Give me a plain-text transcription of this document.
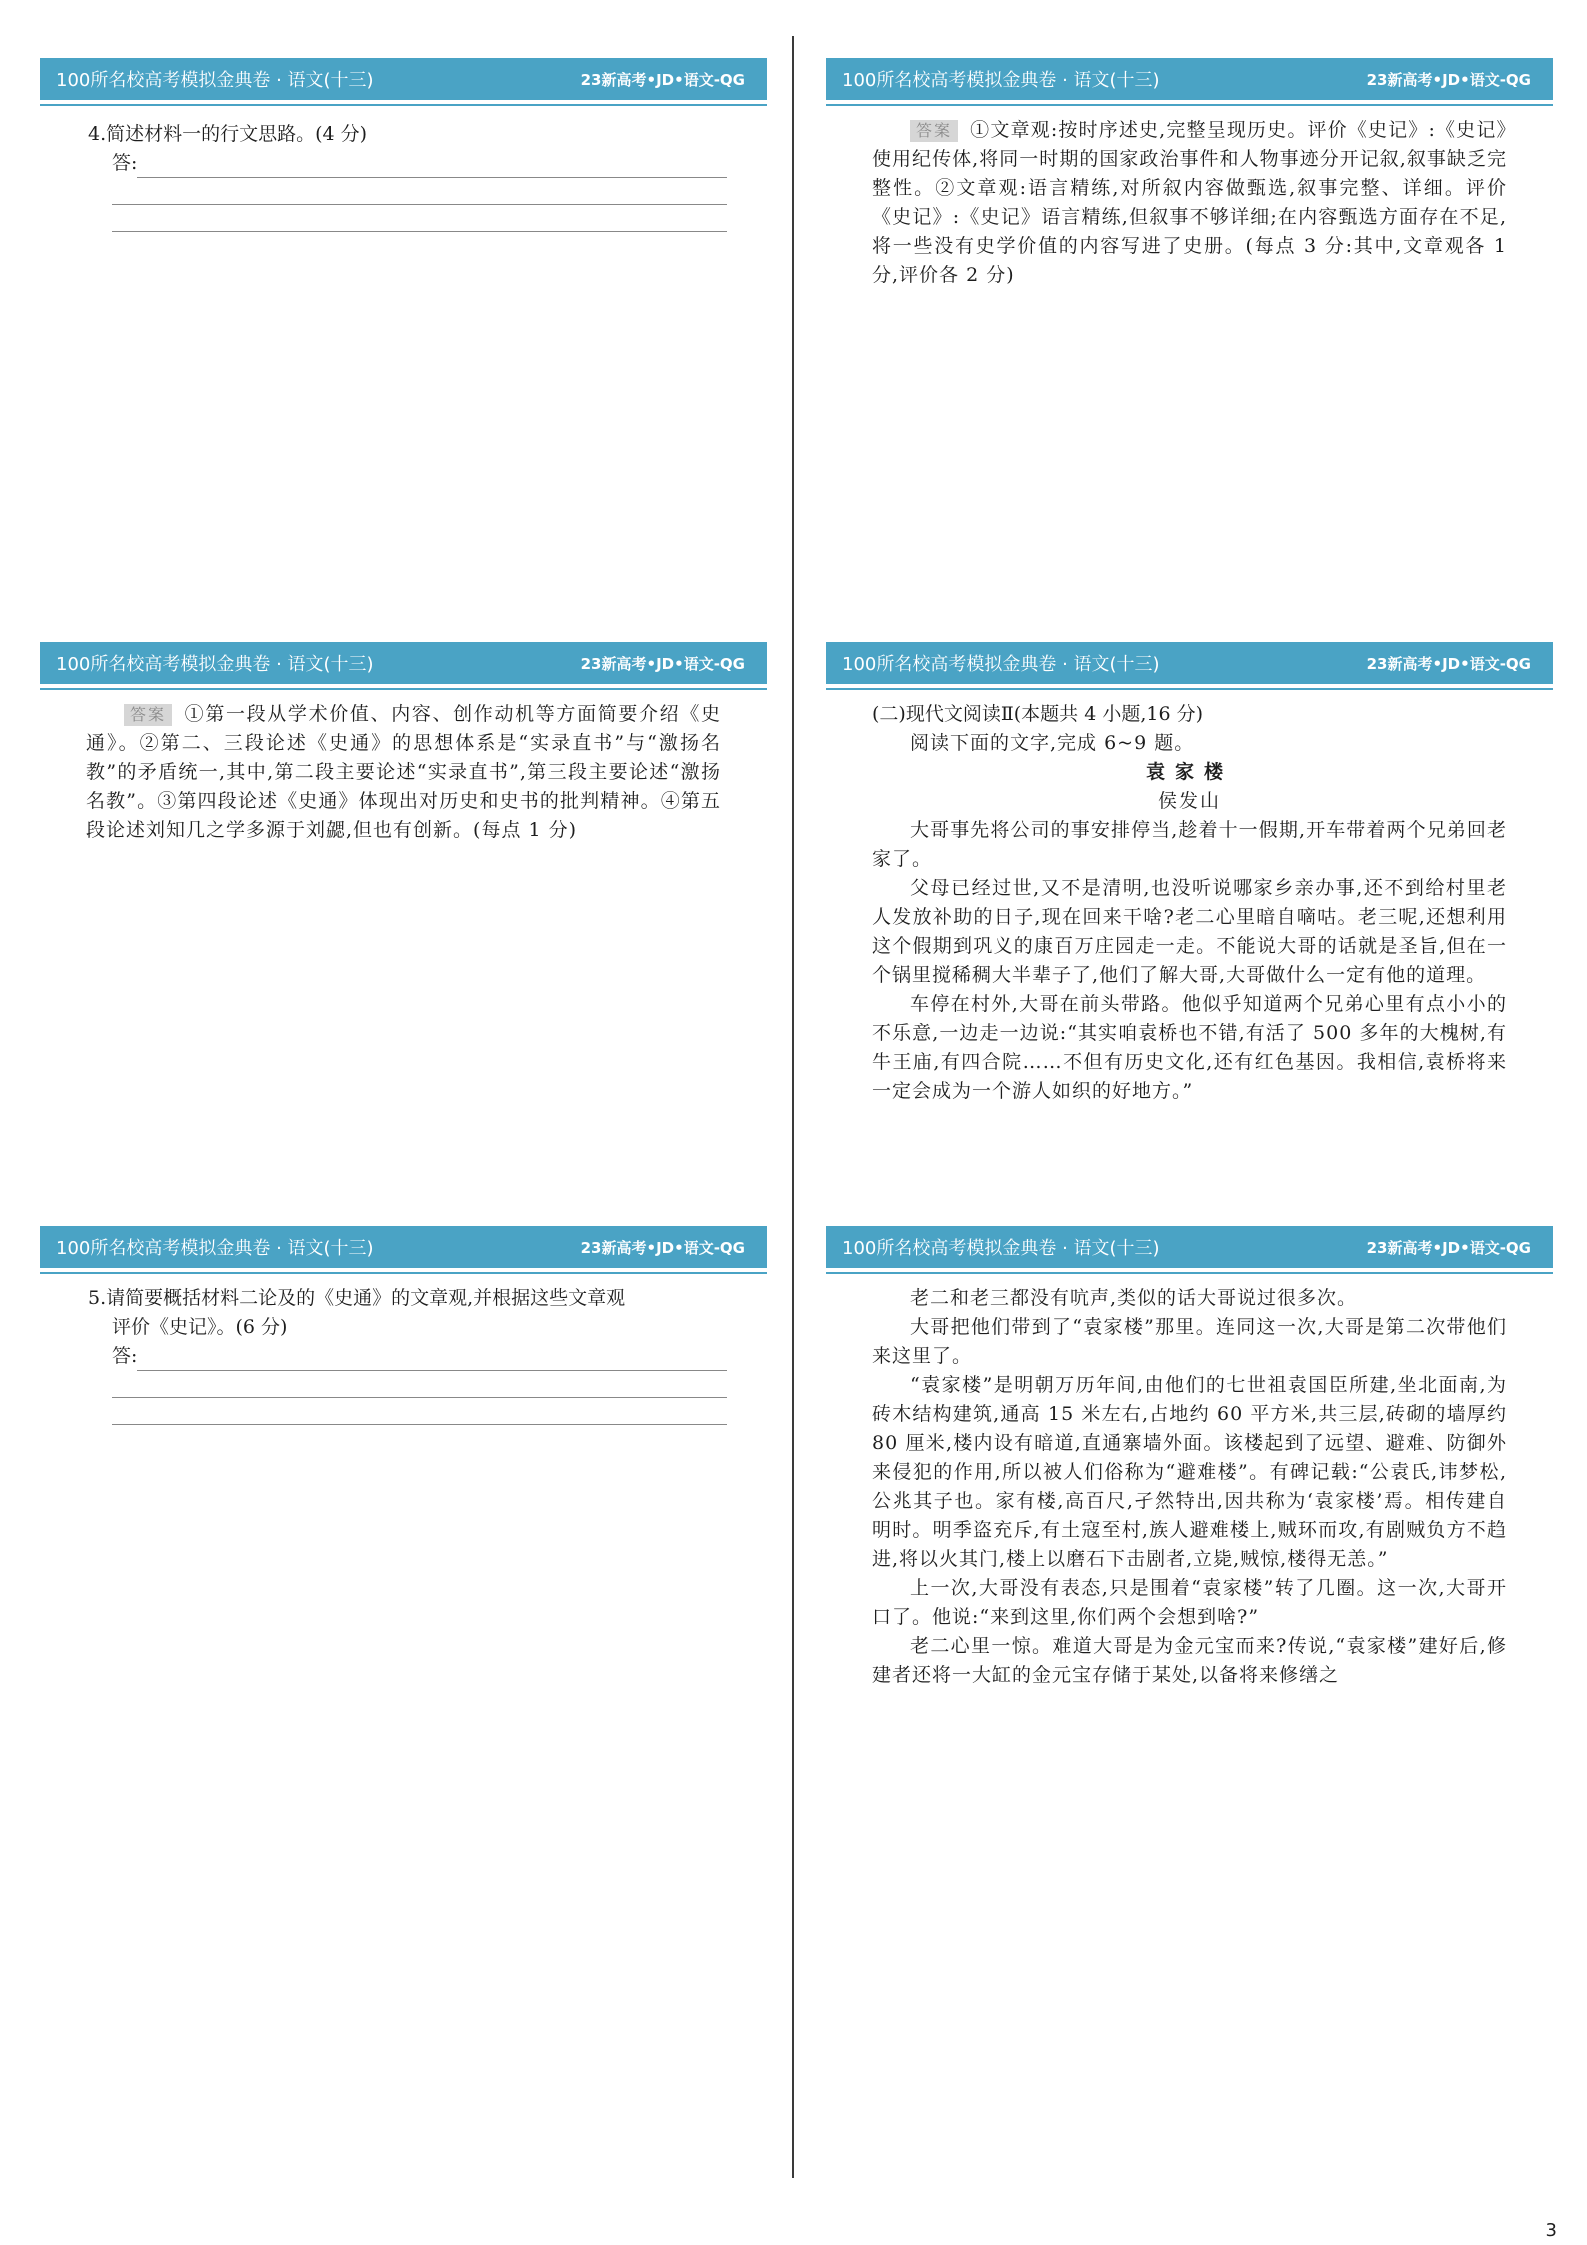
100所名校高考模拟金典卷 · 语文(十三)	23新高考•JD•语文-QG
4.简述材料一的行文思路。(4 分)
答:
100所名校高考模拟金典卷 · 语文(十三)	23新高考•JD•语文-QG
答案 ①文章观:按时序述史,完整呈现历史。评价《史记》:《史记》使用纪传体,将同一时期的国家政治事件和人物事迹分开记叙,叙事缺乏完整性。②文章观:语言精练,对所叙内容做甄选,叙事完整、详细。评价《史记》:《史记》语言精练,但叙事不够详细;在内容甄选方面存在不足,将一些没有史学价值的内容写进了史册。(每点 3 分:其中,文章观各 1 分,评价各 2 分)
100所名校高考模拟金典卷 · 语文(十三)	23新高考•JD•语文-QG
答案 ①第一段从学术价值、内容、创作动机等方面简要介绍《史通》。②第二、三段论述《史通》的思想体系是“实录直书”与“激扬名教”的矛盾统一,其中,第二段主要论述“实录直书”,第三段主要论述“激扬名教”。③第四段论述《史通》体现出对历史和史书的批判精神。④第五段论述刘知几之学多源于刘勰,但也有创新。(每点 1 分)
100所名校高考模拟金典卷 · 语文(十三)	23新高考•JD•语文-QG

(二)现代文阅读Ⅱ(本题共 4 小题,16 分)

阅读下面的文字,完成 6~9 题。

袁家楼

侯发山

大哥事先将公司的事安排停当,趁着十一假期,开车带着两个兄弟回老家了。

父母已经过世,又不是清明,也没听说哪家乡亲办事,还不到给村里老人发放补助的日子,现在回来干啥?老二心里暗自嘀咕。老三呢,还想利用这个假期到巩义的康百万庄园走一走。不能说大哥的话就是圣旨,但在一个锅里搅稀稠大半辈子了,他们了解大哥,大哥做什么一定有他的道理。

车停在村外,大哥在前头带路。他似乎知道两个兄弟心里有点小小的不乐意,一边走一边说:“其实咱袁桥也不错,有活了 500 多年的大槐树,有牛王庙,有四合院……不但有历史文化,还有红色基因。我相信,袁桥将来一定会成为一个游人如织的好地方。”

100所名校高考模拟金典卷 · 语文(十三)	23新高考•JD•语文-QG
5.请简要概括材料二论及的《史通》的文章观,并根据这些文章观
评价《史记》。(6 分)
答:
100所名校高考模拟金典卷 · 语文(十三)	23新高考•JD•语文-QG

老二和老三都没有吭声,类似的话大哥说过很多次。

大哥把他们带到了“袁家楼”那里。连同这一次,大哥是第二次带他们来这里了。

“袁家楼”是明朝万历年间,由他们的七世祖袁国臣所建,坐北面南,为砖木结构建筑,通高 15 米左右,占地约 60 平方米,共三层,砖砌的墙厚约 80 厘米,楼内设有暗道,直通寨墙外面。该楼起到了远望、避难、防御外来侵犯的作用,所以被人们俗称为“避难楼”。有碑记载:“公袁氏,讳梦松,公兆其子也。家有楼,高百尺,孑然特出,因共称为‘袁家楼’焉。相传建自明时。明季盗充斥,有土寇至村,族人避难楼上,贼环而攻,有剧贼负方不趋进,将以火其门,楼上以磨石下击剧者,立毙,贼惊,楼得无恙。”

上一次,大哥没有表态,只是围着“袁家楼”转了几圈。这一次,大哥开口了。他说:“来到这里,你们两个会想到啥?”

老二心里一惊。难道大哥是为金元宝而来?传说,“袁家楼”建好后,修建者还将一大缸的金元宝存储于某处,以备将来修缮之

3
